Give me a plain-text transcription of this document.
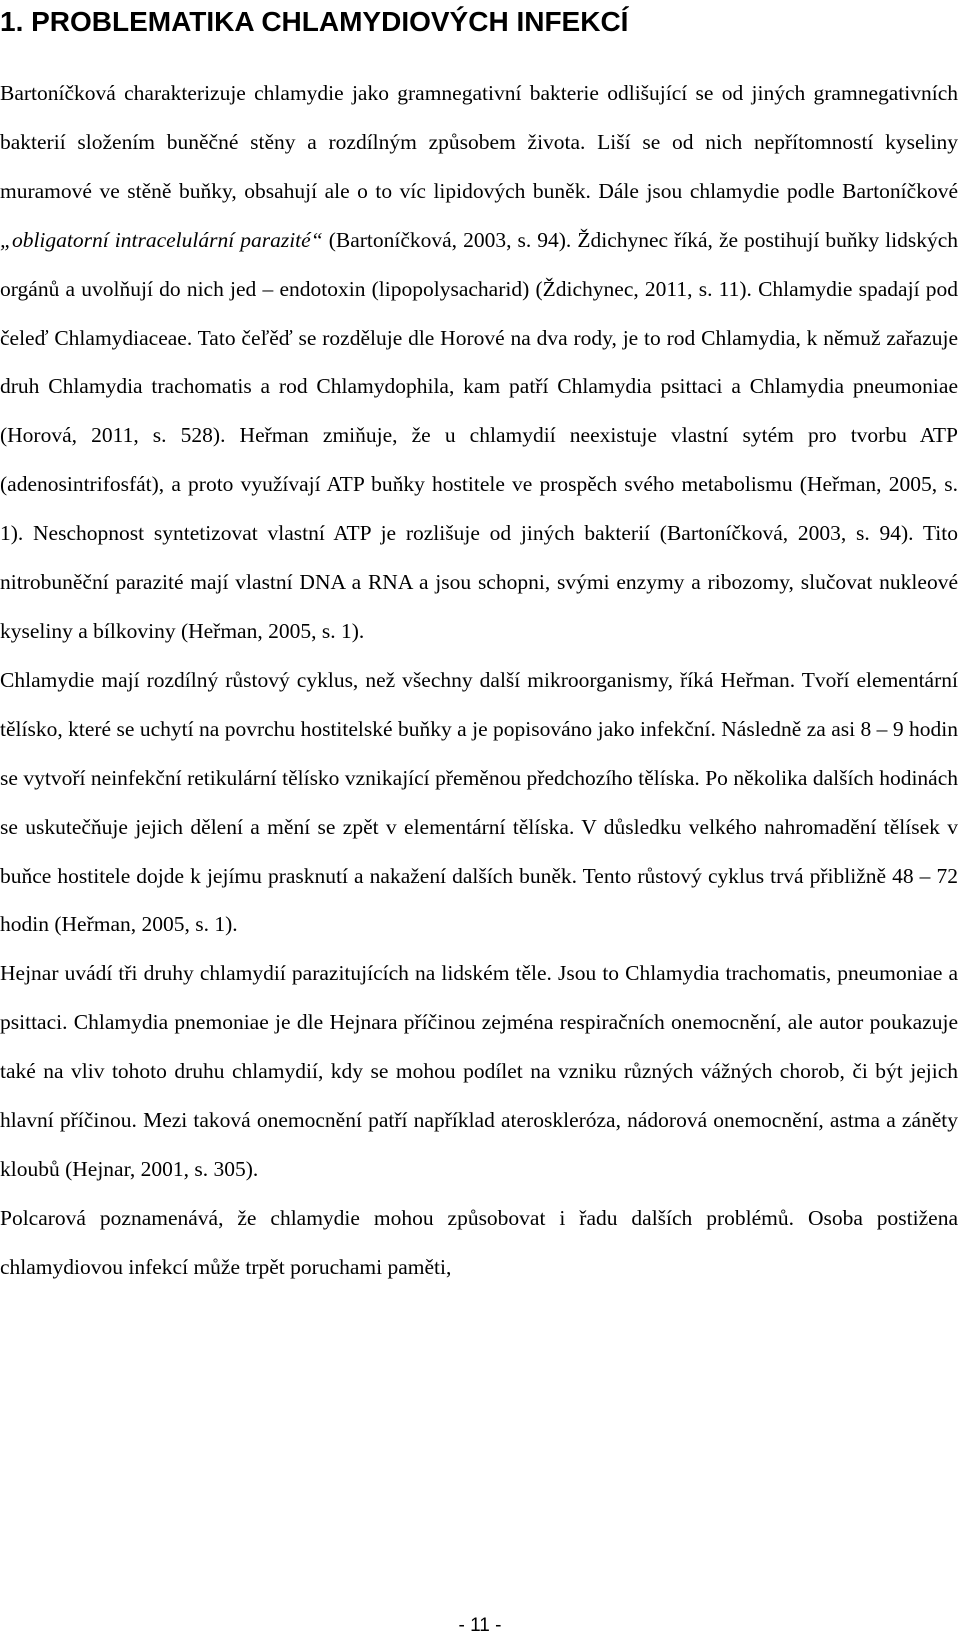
1. PROBLEMATIKA CHLAMYDIOVÝCH INFEKCÍ

Bartoníčková charakterizuje chlamydie jako gramnegativní bakterie odlišující se od jiných gramnegativních bakterií složením buněčné stěny a rozdílným způsobem života. Liší se od nich nepřítomností kyseliny muramové ve stěně buňky, obsahují ale o to víc lipidových buněk. Dále jsou chlamydie podle Bartoníčkové „obligatorní intracelulární parazité“ (Bartoníčková, 2003, s. 94). Ždichynec říká, že postihují buňky lidských orgánů a uvolňují do nich jed – endotoxin (lipopolysacharid) (Ždichynec, 2011, s. 11). Chlamydie spadají pod čeleď Chlamydiaceae. Tato čeľěď se rozděluje dle Horové na dva rody, je to rod Chlamydia, k němuž zařazuje druh Chlamydia trachomatis a rod Chlamydophila, kam patří Chlamydia psittaci a Chlamydia pneumoniae (Horová, 2011, s. 528). Heřman zmiňuje, že u chlamydií neexistuje vlastní sytém pro tvorbu ATP (adenosintrifosfát), a proto využívají ATP buňky hostitele ve prospěch svého metabolismu (Heřman, 2005, s. 1). Neschopnost syntetizovat vlastní ATP je rozlišuje od jiných bakterií (Bartoníčková, 2003, s. 94). Tito nitrobuněční parazité mají vlastní DNA a RNA a jsou schopni, svými enzymy a ribozomy, slučovat nukleové kyseliny a bílkoviny (Heřman, 2005, s. 1).

Chlamydie mají rozdílný růstový cyklus, než všechny další mikroorganismy, říká Heřman. Tvoří elementární tělísko, které se uchytí na povrchu hostitelské buňky a je popisováno jako infekční. Následně za asi 8 – 9 hodin se vytvoří neinfekční retikulární tělísko vznikající přeměnou předchozího tělíska. Po několika dalších hodinách se uskutečňuje jejich dělení a mění se zpět v elementární tělíska. V důsledku velkého nahromadění tělísek v buňce hostitele dojde k jejímu prasknutí a nakažení dalších buněk. Tento růstový cyklus trvá přibližně 48 – 72 hodin (Heřman, 2005, s. 1).

Hejnar uvádí tři druhy chlamydií parazitujících na lidském těle. Jsou to Chlamydia trachomatis, pneumoniae a psittaci. Chlamydia pnemoniae je dle Hejnara příčinou zejména respiračních onemocnění, ale autor poukazuje také na vliv tohoto druhu chlamydií, kdy se mohou podílet na vzniku různých vážných chorob, či být jejich hlavní příčinou. Mezi taková onemocnění patří například ateroskleróza, nádorová onemocnění, astma a záněty kloubů (Hejnar, 2001, s. 305).

Polcarová poznamenává, že chlamydie mohou způsobovat i řadu dalších problémů. Osoba postižena chlamydiovou infekcí může trpět poruchami paměti,

- 11 -
